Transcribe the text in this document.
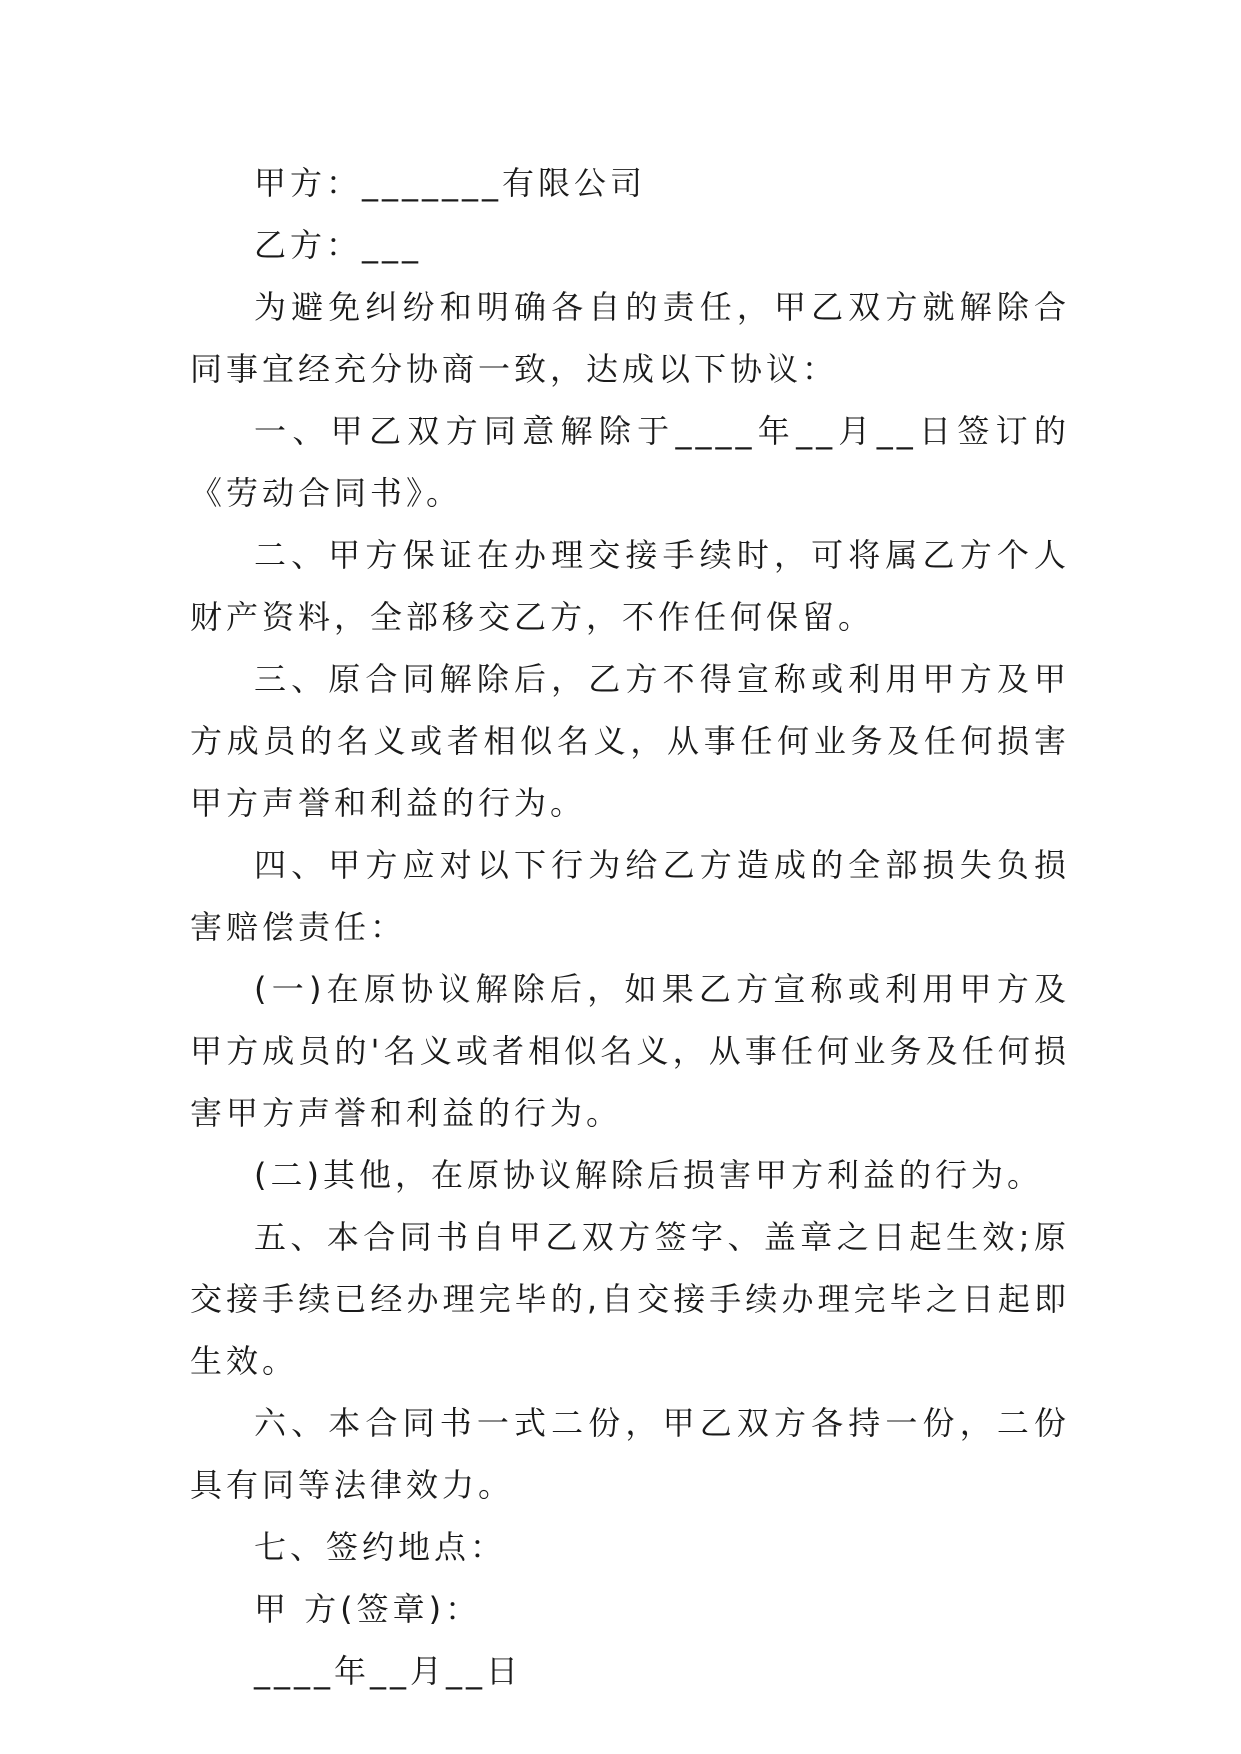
甲方：_______有限公司

乙方：___

为避免纠纷和明确各自的责任，甲乙双方就解除合同事宜经充分协商一致，达成以下协议：

一、甲乙双方同意解除于____年__月__日签订的《劳动合同书》。

二、甲方保证在办理交接手续时，可将属乙方个人财产资料，全部移交乙方，不作任何保留。

三、原合同解除后，乙方不得宣称或利用甲方及甲方成员的名义或者相似名义，从事任何业务及任何损害甲方声誉和利益的行为。

四、甲方应对以下行为给乙方造成的全部损失负损害赔偿责任：

(一)在原协议解除后，如果乙方宣称或利用甲方及甲方成员的'名义或者相似名义，从事任何业务及任何损害甲方声誉和利益的行为。

(二)其他，在原协议解除后损害甲方利益的行为。

五、本合同书自甲乙双方签字、盖章之日起生效;原交接手续已经办理完毕的,自交接手续办理完毕之日起即生效。

六、本合同书一式二份，甲乙双方各持一份，二份具有同等法律效力。

七、签约地点：

甲 方(签章)：

____年__月__日
